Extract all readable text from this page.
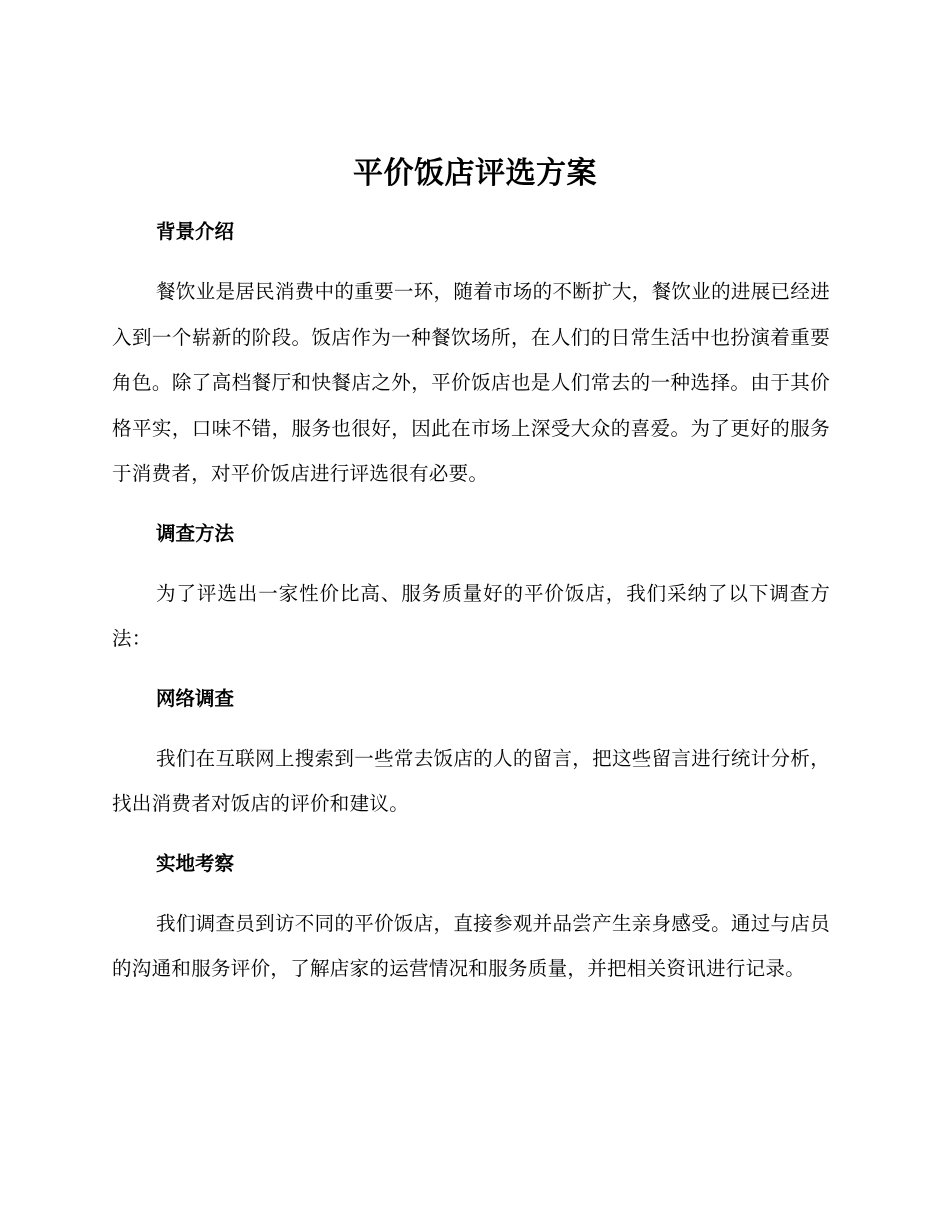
平价饭店评选方案
背景介绍

餐饮业是居民消费中的重要一环，随着市场的不断扩大，餐饮业的进展已经进入到一个崭新的阶段。饭店作为一种餐饮场所，在人们的日常生活中也扮演着重要角色。除了高档餐厅和快餐店之外，平价饭店也是人们常去的一种选择。由于其价格平实，口味不错，服务也很好，因此在市场上深受大众的喜爱。为了更好的服务于消费者，对平价饭店进行评选很有必要。

调查方法

为了评选出一家性价比高、服务质量好的平价饭店，我们采纳了以下调查方法：

网络调查

我们在互联网上搜索到一些常去饭店的人的留言，把这些留言进行统计分析，找出消费者对饭店的评价和建议。

实地考察

我们调查员到访不同的平价饭店，直接参观并品尝产生亲身感受。通过与店员的沟通和服务评价，了解店家的运营情况和服务质量，并把相关资讯进行记录。
